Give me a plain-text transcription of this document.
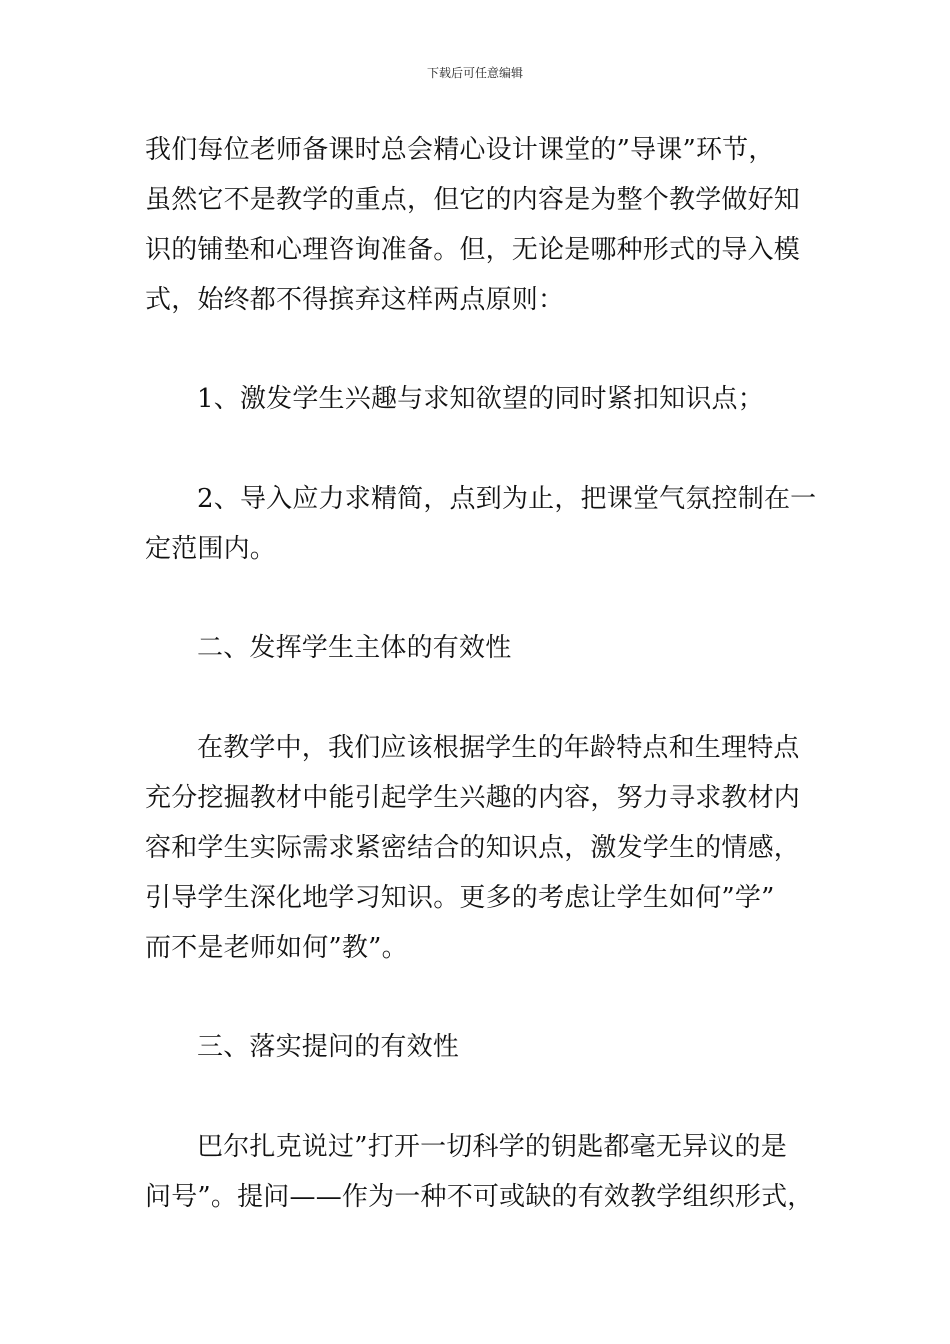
下载后可任意编辑
我们每位老师备课时总会精心设计课堂的”导课”环节，
虽然它不是教学的重点，但它的内容是为整个教学做好知
识的铺垫和心理咨询准备。但，无论是哪种形式的导入模
式，始终都不得摈弃这样两点原则：
1、激发学生兴趣与求知欲望的同时紧扣知识点；
2、导入应力求精简，点到为止，把课堂气氛控制在一
定范围内。
二、发挥学生主体的有效性
在教学中，我们应该根据学生的年龄特点和生理特点
充分挖掘教材中能引起学生兴趣的内容，努力寻求教材内
容和学生实际需求紧密结合的知识点，激发学生的情感，
引导学生深化地学习知识。更多的考虑让学生如何”学”
而不是老师如何”教”。
三、落实提问的有效性
巴尔扎克说过”打开一切科学的钥匙都毫无异议的是
问号”。提问——作为一种不可或缺的有效教学组织形式，
